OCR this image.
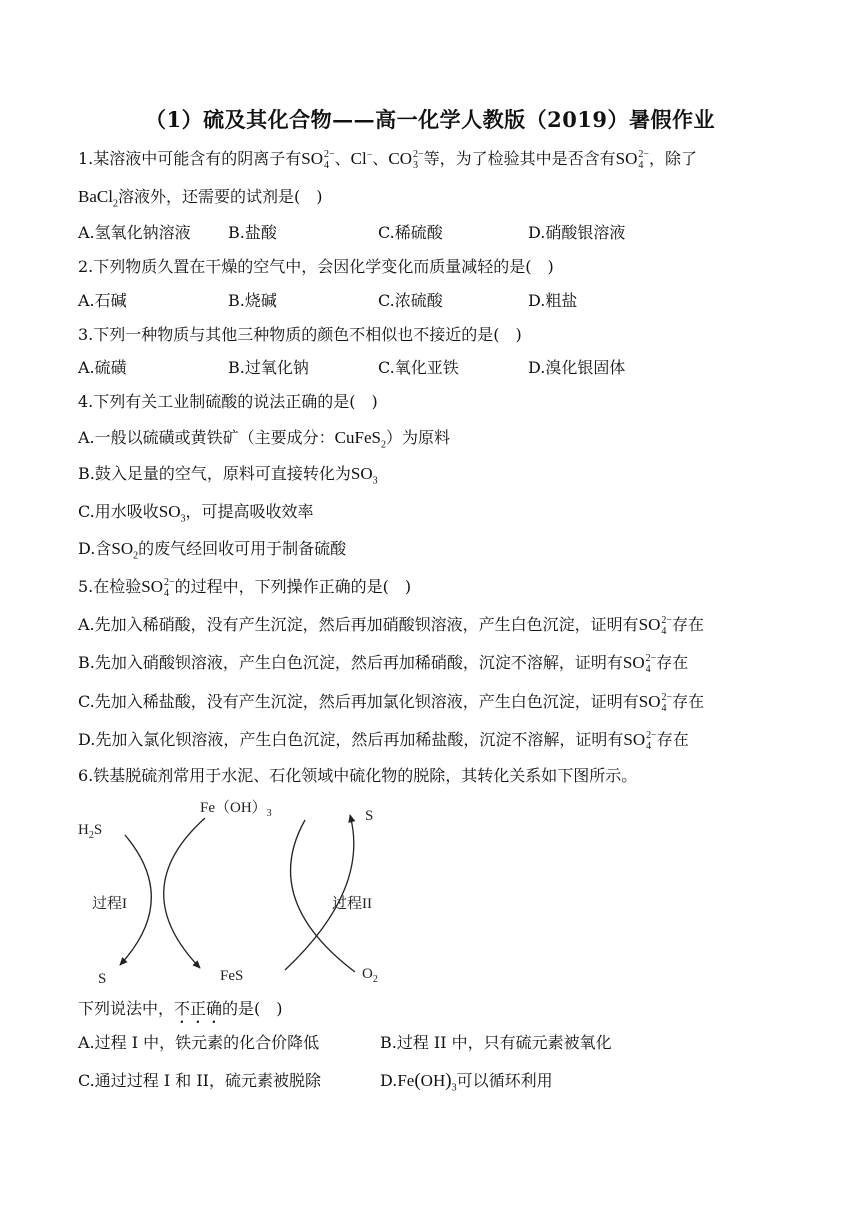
（1）硫及其化合物——高一化学人教版（2019）暑假作业
1.某溶液中可能含有的阴离子有SO 2−
4 、Cl−、CO 2−
3 等，为了检验其中是否含有SO 2−
4 ，除了
BaCl$_2$溶液外，还需要的试剂是(　)
A.氢氧化钠溶液 B.盐酸	C.稀硫酸	D.硝酸银溶液
2.下列物质久置在干燥的空气中，会因化学变化而质量减轻的是(　)
A.石碱	B.烧碱	C.浓硫酸	D.粗盐
3.下列一种物质与其他三种物质的颜色不相似也不接近的是(　)
A.硫磺	B.过氧化钠	C.氧化亚铁	D.溴化银固体
4.下列有关工业制硫酸的说法正确的是(　)
A.一般以硫磺或黄铁矿（主要成分：CuFeS$_2$）为原料
B.鼓入足量的空气，原料可直接转化为$SO_3$
C.用水吸收$SO_3$，可提高吸收效率
D.含$SO_2$的废气经回收可用于制备硫酸
5.在检验SO 2−
4 的过程中，下列操作正确的是(　)
A.先加入稀硝酸，没有产生沉淀，然后再加硝酸钡溶液，产生白色沉淀，证明有SO 2−
4 存在
B.先加入硝酸钡溶液，产生白色沉淀，然后再加稀硝酸，沉淀不溶解，证明有SO 2−
4 存在
C.先加入稀盐酸，没有产生沉淀，然后再加氯化钡溶液，产生白色沉淀，证明有SO 2−
4 存在
D.先加入氯化钡溶液，产生白色沉淀，然后再加稀盐酸，沉淀不溶解，证明有SO 2−
4 存在
6.铁基脱硫剂常用于水泥、石化领域中硫化物的脱除，其转化关系如下图所示。
$H_2S$
$Fe(OH)_3$
S	FeS
S
$O_2$
过程I	过程II
下列说法中，不正确的是(　)
A.过程 I 中，铁元素的化合价降低	B.过程 II 中，只有硫元素被氧化
C.通过过程 I 和 II，硫元素被脱除	$D.Fe(OH)_3$可以循环利用
